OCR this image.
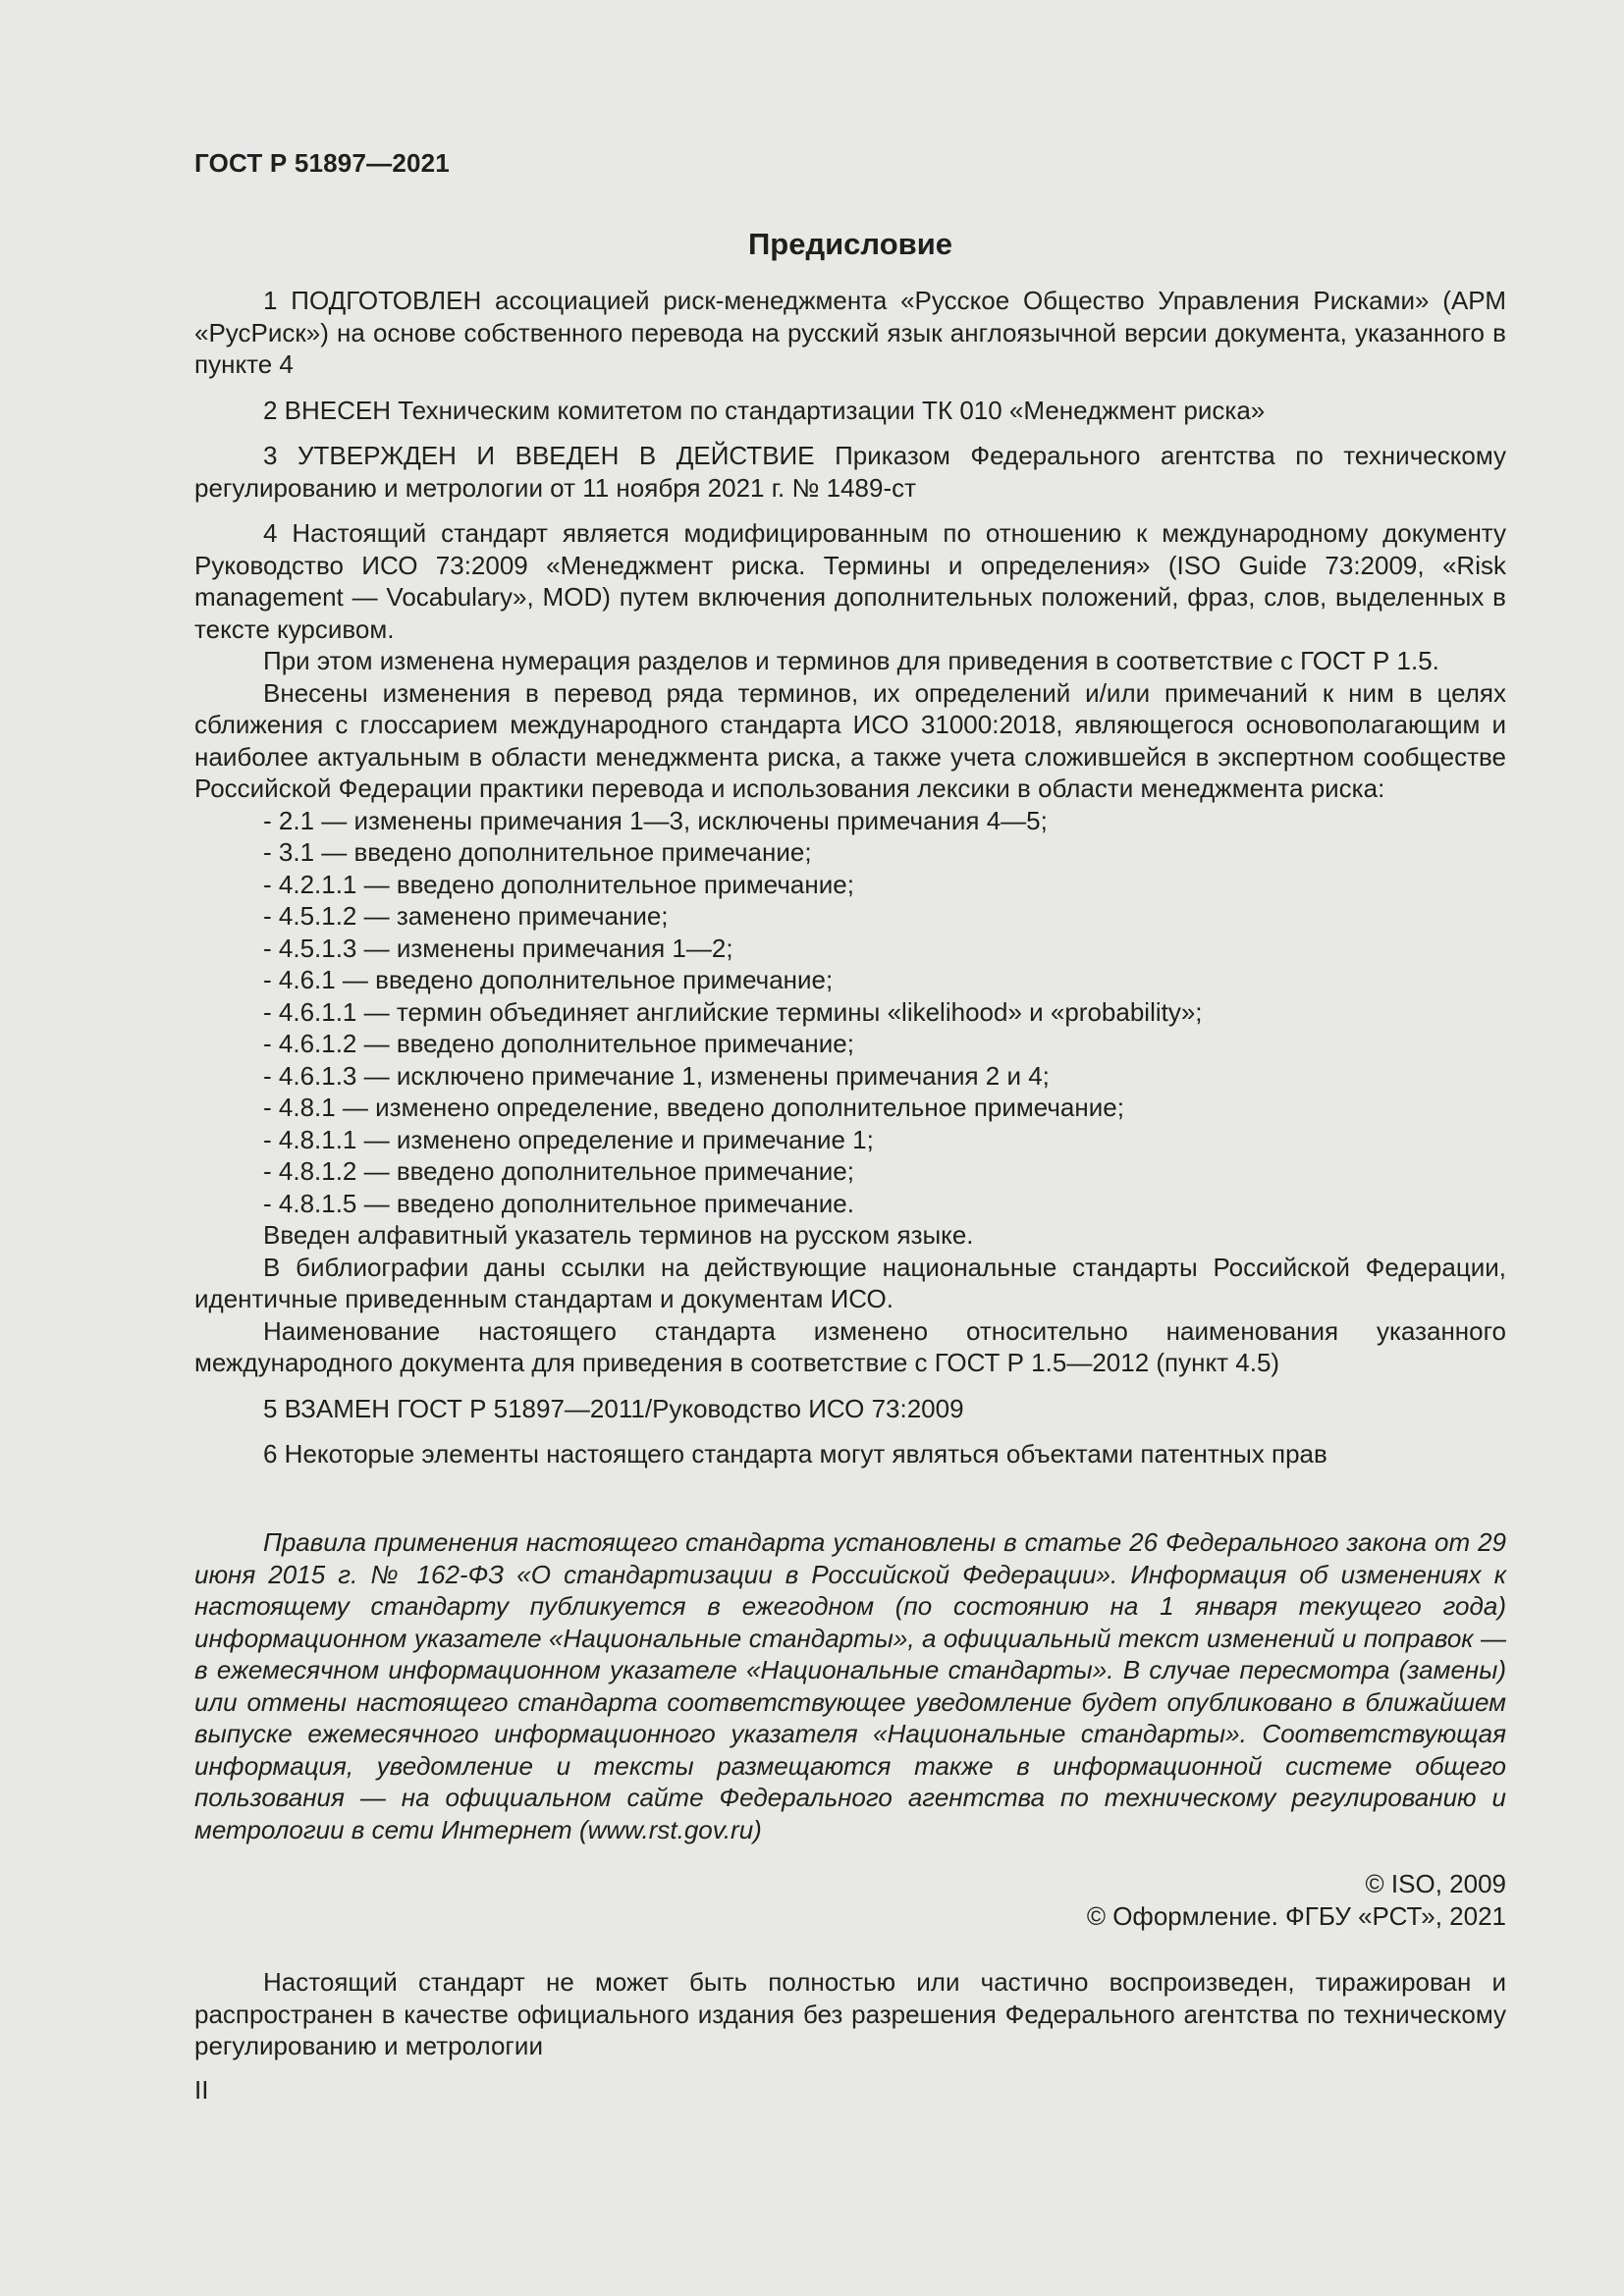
ГОСТ Р 51897—2021
Предисловие

1 ПОДГОТОВЛЕН ассоциацией риск-менеджмента «Русское Общество Управления Рисками» (АРМ «РусРиск») на основе собственного перевода на русский язык англоязычной версии документа, указанного в пункте 4

2 ВНЕСЕН Техническим комитетом по стандартизации ТК 010 «Менеджмент риска»

3 УТВЕРЖДЕН И ВВЕДЕН В ДЕЙСТВИЕ Приказом Федерального агентства по техническому регулированию и метрологии от 11 ноября 2021 г. № 1489-ст

4 Настоящий стандарт является модифицированным по отношению к международному документу Руководство ИСО 73:2009 «Менеджмент риска. Термины и определения» (ISO Guide 73:2009, «Risk management — Vocabulary», MOD) путем включения дополнительных положений, фраз, слов, выделенных в тексте курсивом.

При этом изменена нумерация разделов и терминов для приведения в соответствие с ГОСТ Р 1.5.

Внесены изменения в перевод ряда терминов, их определений и/или примечаний к ним в целях сближения с глоссарием международного стандарта ИСО 31000:2018, являющегося основополагающим и наиболее актуальным в области менеджмента риска, а также учета сложившейся в экспертном сообществе Российской Федерации практики перевода и использования лексики в области менеджмента риска:

- 2.1 — изменены примечания 1—3, исключены примечания 4—5;

- 3.1 — введено дополнительное примечание;

- 4.2.1.1 — введено дополнительное примечание;

- 4.5.1.2 — заменено примечание;

- 4.5.1.3 — изменены примечания 1—2;

- 4.6.1 — введено дополнительное примечание;

- 4.6.1.1 — термин объединяет английские термины «likelihood» и «probability»;

- 4.6.1.2 — введено дополнительное примечание;

- 4.6.1.3 — исключено примечание 1, изменены примечания 2 и 4;

- 4.8.1 — изменено определение, введено дополнительное примечание;

- 4.8.1.1 — изменено определение и примечание 1;

- 4.8.1.2 — введено дополнительное примечание;

- 4.8.1.5 — введено дополнительное примечание.

Введен алфавитный указатель терминов на русском языке.

В библиографии даны ссылки на действующие национальные стандарты Российской Федерации, идентичные приведенным стандартам и документам ИСО.

Наименование настоящего стандарта изменено относительно наименования указанного международного документа для приведения в соответствие с ГОСТ Р 1.5—2012 (пункт 4.5)

5 ВЗАМЕН ГОСТ Р 51897—2011/Руководство ИСО 73:2009

6 Некоторые элементы настоящего стандарта могут являться объектами патентных прав

Правила применения настоящего стандарта установлены в статье 26 Федерального закона от 29 июня 2015 г. № 162-ФЗ «О стандартизации в Российской Федерации». Информация об изменениях к настоящему стандарту публикуется в ежегодном (по состоянию на 1 января текущего года) информационном указателе «Национальные стандарты», а официальный текст изменений и поправок — в ежемесячном информационном указателе «Национальные стандарты». В случае пересмотра (замены) или отмены настоящего стандарта соответствующее уведомление будет опубликовано в ближайшем выпуске ежемесячного информационного указателя «Национальные стандарты». Соответствующая информация, уведомление и тексты размещаются также в информационной системе общего пользования — на официальном сайте Федерального агентства по техническому регулированию и метрологии в сети Интернет (www.rst.gov.ru)

© ISO, 2009
© Оформление. ФГБУ «РСТ», 2021

Настоящий стандарт не может быть полностью или частично воспроизведен, тиражирован и распространен в качестве официального издания без разрешения Федерального агентства по техническому регулированию и метрологии

II
